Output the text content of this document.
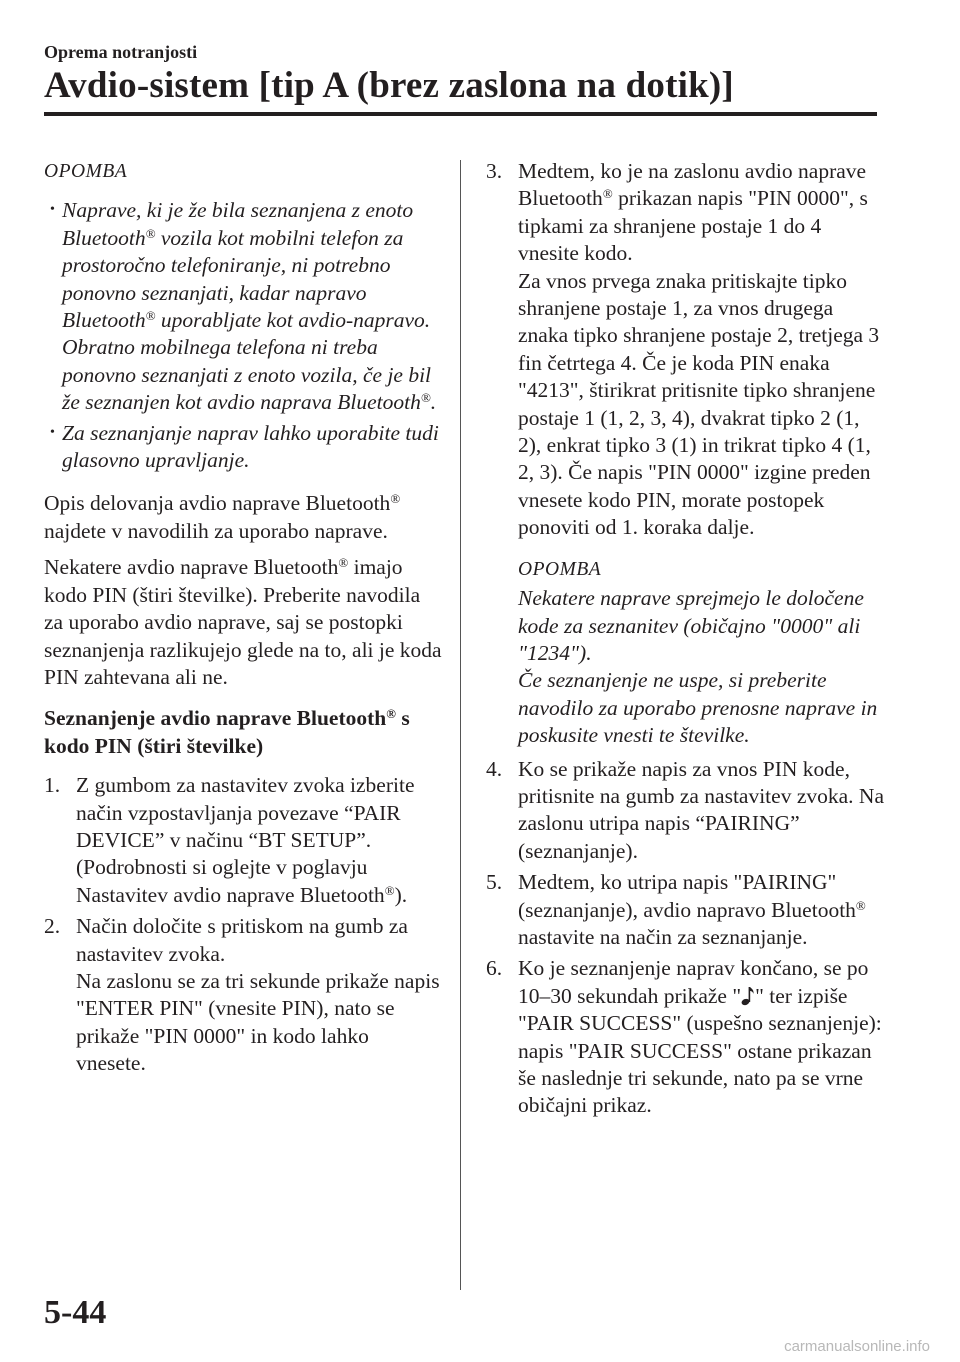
Oprema notranjosti
Avdio-sistem [tip A (brez zaslona na dotik)]
OPOMBA
• Naprave, ki je že bila seznanjena z enoto Bluetooth® vozila kot mobilni telefon za prostoročno telefoniranje, ni potrebno ponovno seznanjati, kadar napravo Bluetooth® uporabljate kot avdio-napravo. Obratno mobilnega telefona ni treba ponovno seznanjati z enoto vozila, če je bil že seznanjen kot avdio naprava Bluetooth®.
• Za seznanjanje naprav lahko uporabite tudi glasovno upravljanje.

Opis delovanja avdio naprave Bluetooth® najdete v navodilih za uporabo naprave.

Nekatere avdio naprave Bluetooth® imajo kodo PIN (štiri številke). Preberite navodila za uporabo avdio naprave, saj se postopki seznanjenja razlikujejo glede na to, ali je koda PIN zahtevana ali ne.

Seznanjenje avdio naprave Bluetooth® s kodo PIN (štiri številke)
1. Z gumbom za nastavitev zvoka izberite način vzpostavljanja povezave “PAIR DEVICE” v načinu “BT SETUP”. (Podrobnosti si oglejte v poglavju Nastavitev avdio naprave Bluetooth®).

2. Način določite s pritiskom na gumb za nastavitev zvoka.

Na zaslonu se za tri sekunde prikaže napis "ENTER PIN" (vnesite PIN), nato se prikaže "PIN 0000" in kodo lahko vnesete.

3. Medtem, ko je na zaslonu avdio naprave Bluetooth® prikazan napis "PIN 0000", s tipkami za shranjene postaje 1 do 4 vnesite kodo.

Za vnos prvega znaka pritiskajte tipko shranjene postaje 1, za vnos drugega znaka tipko shranjene postaje 2, tretjega 3 fin četrtega 4. Če je koda PIN enaka "4213", štirikrat pritisnite tipko shranjene postaje 1 (1, 2, 3, 4), dvakrat tipko 2 (1, 2), enkrat tipko 3 (1) in trikrat tipko 4 (1, 2, 3). Če napis "PIN 0000" izgine preden vnesete kodo PIN, morate postopek ponoviti od 1. koraka dalje.

OPOMBA

Nekatere naprave sprejmejo le določene kode za seznanitev (običajno "0000" ali "1234").

Če seznanjenje ne uspe, si preberite navodilo za uporabo prenosne naprave in poskusite vnesti te številke.

4. Ko se prikaže napis za vnos PIN kode, pritisnite na gumb za nastavitev zvoka. Na zaslonu utripa napis “PAIRING” (seznanjanje).

5. Medtem, ko utripa napis "PAIRING" (seznanjanje), avdio napravo Bluetooth® nastavite na način za seznanjanje.

6. Ko je seznanjenje naprav končano, se po 10–30 sekundah prikaže " " ter izpiše "PAIR SUCCESS" (uspešno seznanjenje): napis "PAIR SUCCESS" ostane prikazan še naslednje tri sekunde, nato pa se vrne običajni prikaz.

5-44
carmanualsonline.info
